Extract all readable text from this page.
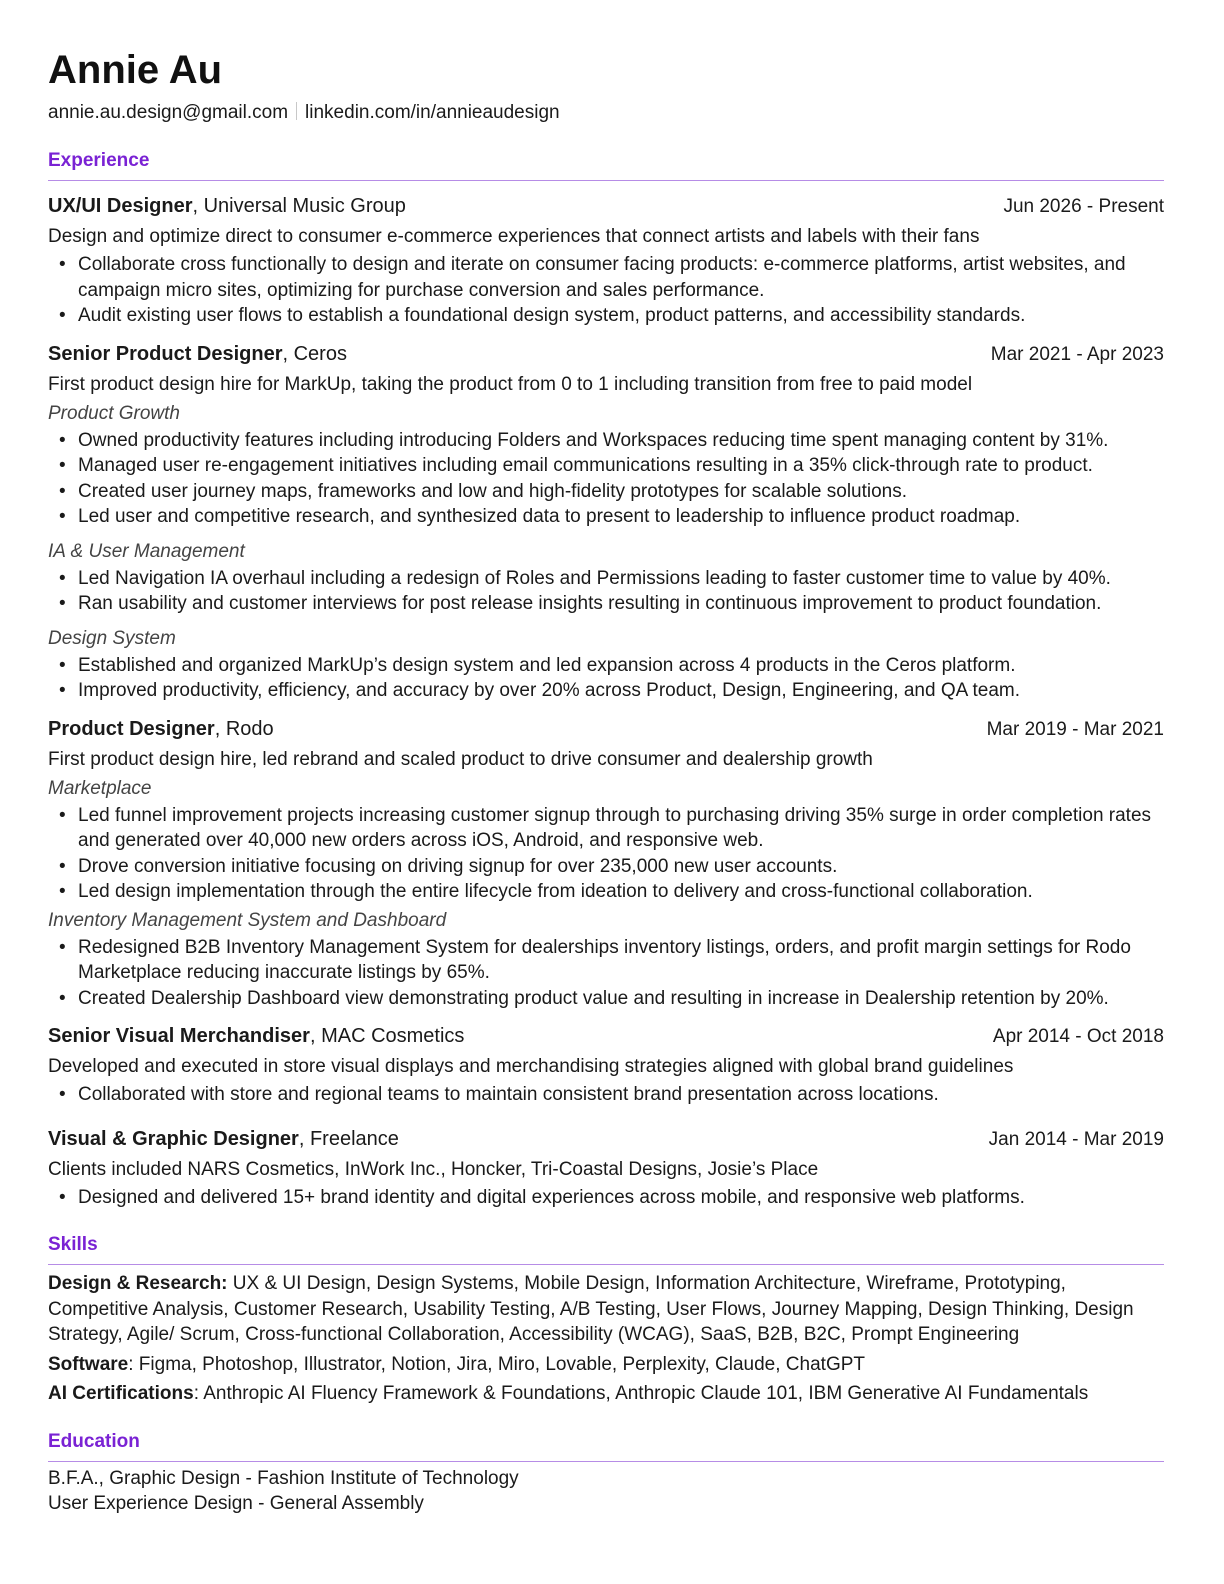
Annie Au
annie.au.design@gmail.com linkedin.com/in/annieaudesign
Experience
UX/UI Designer, Universal Music Group	Jun 2026 - Present
Design and optimize direct to consumer e-commerce experiences that connect artists and labels with their fans
• Collaborate cross functionally to design and iterate on consumer facing products: e-commerce platforms, artist websites, and campaign micro sites, optimizing for purchase conversion and sales performance.
• Audit existing user flows to establish a foundational design system, product patterns, and accessibility standards.
Senior Product Designer, Ceros	Mar 2021 - Apr 2023
First product design hire for MarkUp, taking the product from 0 to 1 including transition from free to paid model
Product Growth
• Owned productivity features including introducing Folders and Workspaces reducing time spent managing content by 31%.
• Managed user re-engagement initiatives including email communications resulting in a 35% click-through rate to product.
• Created user journey maps, frameworks and low and high-fidelity prototypes for scalable solutions.
• Led user and competitive research, and synthesized data to present to leadership to influence product roadmap.
IA & User Management
• Led Navigation IA overhaul including a redesign of Roles and Permissions leading to faster customer time to value by 40%.
• Ran usability and customer interviews for post release insights resulting in continuous improvement to product foundation.
Design System
• Established and organized MarkUp’s design system and led expansion across 4 products in the Ceros platform.
• Improved productivity, efficiency, and accuracy by over 20% across Product, Design, Engineering, and QA team.
Product Designer, Rodo	Mar 2019 - Mar 2021
First product design hire, led rebrand and scaled product to drive consumer and dealership growth
Marketplace
• Led funnel improvement projects increasing customer signup through to purchasing driving 35% surge in order completion rates and generated over 40,000 new orders across iOS, Android, and responsive web.
• Drove conversion initiative focusing on driving signup for over 235,000 new user accounts.
• Led design implementation through the entire lifecycle from ideation to delivery and cross-functional collaboration.
Inventory Management System and Dashboard
• Redesigned B2B Inventory Management System for dealerships inventory listings, orders, and profit margin settings for Rodo Marketplace reducing inaccurate listings by 65%.
• Created Dealership Dashboard view demonstrating product value and resulting in increase in Dealership retention by 20%.
Senior Visual Merchandiser, MAC Cosmetics	Apr 2014 - Oct 2018
Developed and executed in store visual displays and merchandising strategies aligned with global brand guidelines
• Collaborated with store and regional teams to maintain consistent brand presentation across locations.
Visual & Graphic Designer, Freelance	Jan 2014 - Mar 2019
Clients included NARS Cosmetics, InWork Inc., Honcker, Tri-Coastal Designs, Josie’s Place
• Designed and delivered 15+ brand identity and digital experiences across mobile, and responsive web platforms.
Skills
Design & Research: UX & UI Design, Design Systems, Mobile Design, Information Architecture, Wireframe, Prototyping, Competitive Analysis, Customer Research, Usability Testing, A/B Testing, User Flows, Journey Mapping, Design Thinking, Design Strategy, Agile/ Scrum, Cross-functional Collaboration, Accessibility (WCAG), SaaS, B2B, B2C, Prompt Engineering
Software: Figma, Photoshop, Illustrator, Notion, Jira, Miro, Lovable, Perplexity, Claude, ChatGPT
AI Certifications: Anthropic AI Fluency Framework & Foundations, Anthropic Claude 101, IBM Generative AI Fundamentals
Education
B.F.A., Graphic Design - Fashion Institute of Technology
User Experience Design - General Assembly
